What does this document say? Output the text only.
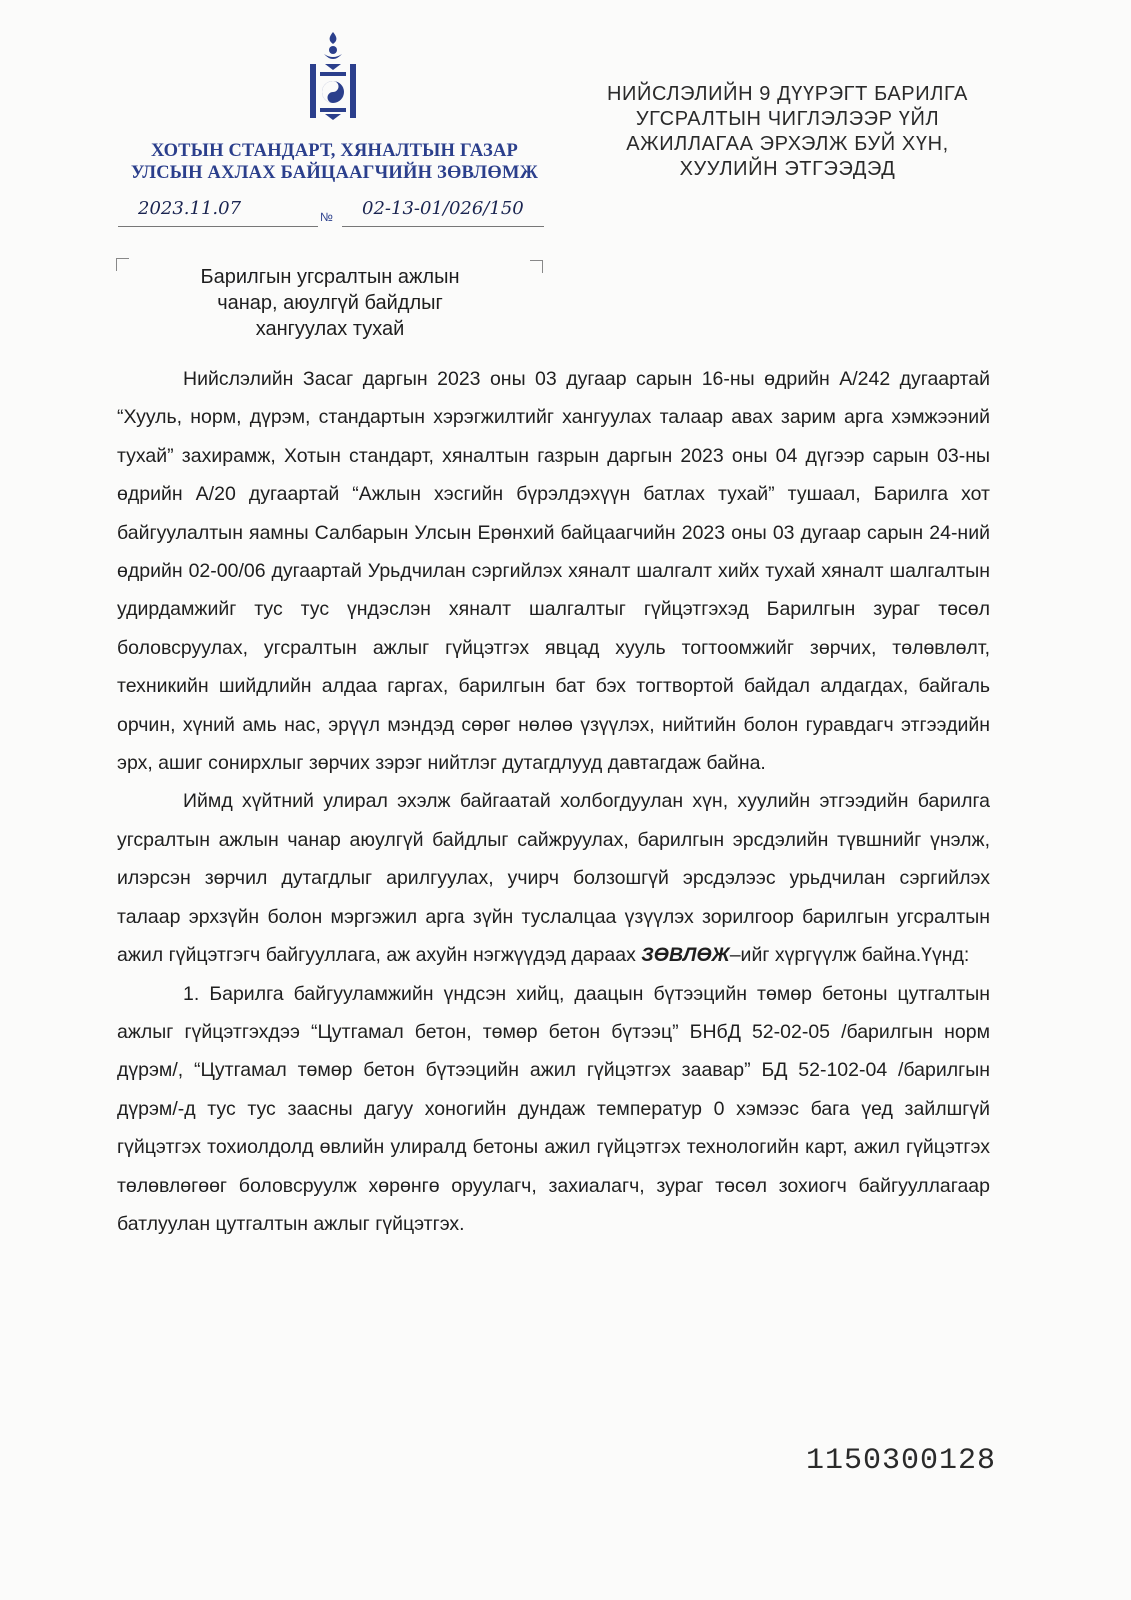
ХОТЫН СТАНДАРТ, ХЯНАЛТЫН ГАЗАР
УЛСЫН АХЛАХ БАЙЦААГЧИЙН ЗӨВЛӨМЖ
НИЙСЛЭЛИЙН 9 ДҮҮРЭГТ БАРИЛГА
УГСРАЛТЫН ЧИГЛЭЛЭЭР ҮЙЛ
АЖИЛЛАГАА ЭРХЭЛЖ БУЙ ХҮН,
ХУУЛИЙН ЭТГЭЭДЭД
2023.11.07	№ 02-13-01/026/150
Барилгын угсралтын ажлын
чанар, аюулгүй байдлыг
хангуулах тухай

Нийслэлийн Засаг даргын 2023 оны 03 дугаар сарын 16-ны өдрийн А/242 дугаартай “Хууль, норм, дүрэм, стандартын хэрэгжилтийг хангуулах талаар авах зарим арга хэмжээний тухай” захирамж, Хотын стандарт, хяналтын газрын даргын 2023 оны 04 дүгээр сарын 03-ны өдрийн А/20 дугаартай “Ажлын хэсгийн бүрэлдэхүүн батлах тухай” тушаал, Барилга хот байгуулалтын яамны Салбарын Улсын Ерөнхий байцаагчийн 2023 оны 03 дугаар сарын 24-ний өдрийн 02-00/06 дугаартай Урьдчилан сэргийлэх хяналт шалгалт хийх тухай хяналт шалгалтын удирдамжийг тус тус үндэслэн хяналт шалгалтыг гүйцэтгэхэд Барилгын зураг төсөл боловсруулах, угсралтын ажлыг гүйцэтгэх явцад хууль тогтоомжийг зөрчих, төлөвлөлт, техникийн шийдлийн алдаа гаргах, барилгын бат бэх тогтвортой байдал алдагдах, байгаль орчин, хүний амь нас, эрүүл мэндэд сөрөг нөлөө үзүүлэх, нийтийн болон гуравдагч этгээдийн эрх, ашиг сонирхлыг зөрчих зэрэг нийтлэг дутагдлууд давтагдаж байна.

Иймд хүйтний улирал эхэлж байгаатай холбогдуулан хүн, хуулийн этгээдийн барилга угсралтын ажлын чанар аюулгүй байдлыг сайжруулах, барилгын эрсдэлийн түвшнийг үнэлж, илэрсэн зөрчил дутагдлыг арилгуулах, учирч болзошгүй эрсдэлээс урьдчилан сэргийлэх талаар эрхзүйн болон мэргэжил арга зүйн туслалцаа үзүүлэх зорилгоор барилгын угсралтын ажил гүйцэтгэгч байгууллага, аж ахуйн нэгжүүдэд дараах ЗӨВЛӨЖ–ийг хүргүүлж байна.Үүнд:

1. Барилга байгууламжийн үндсэн хийц, даацын бүтээцийн төмөр бетоны цутгалтын ажлыг гүйцэтгэхдээ “Цутгамал бетон, төмөр бетон бүтээц” БНбД 52-02-05 /барилгын норм дүрэм/, “Цутгамал төмөр бетон бүтээцийн ажил гүйцэтгэх заавар” БД 52-102-04 /барилгын дүрэм/-д тус тус заасны дагуу хоногийн дундаж температур 0 хэмээс бага үед зайлшгүй гүйцэтгэх тохиолдолд өвлийн улиралд бетоны ажил гүйцэтгэх технологийн карт, ажил гүйцэтгэх төлөвлөгөөг боловсруулж хөрөнгө оруулагч, захиалагч, зураг төсөл зохиогч байгууллагаар батлуулан цутгалтын ажлыг гүйцэтгэх.

1150300128
